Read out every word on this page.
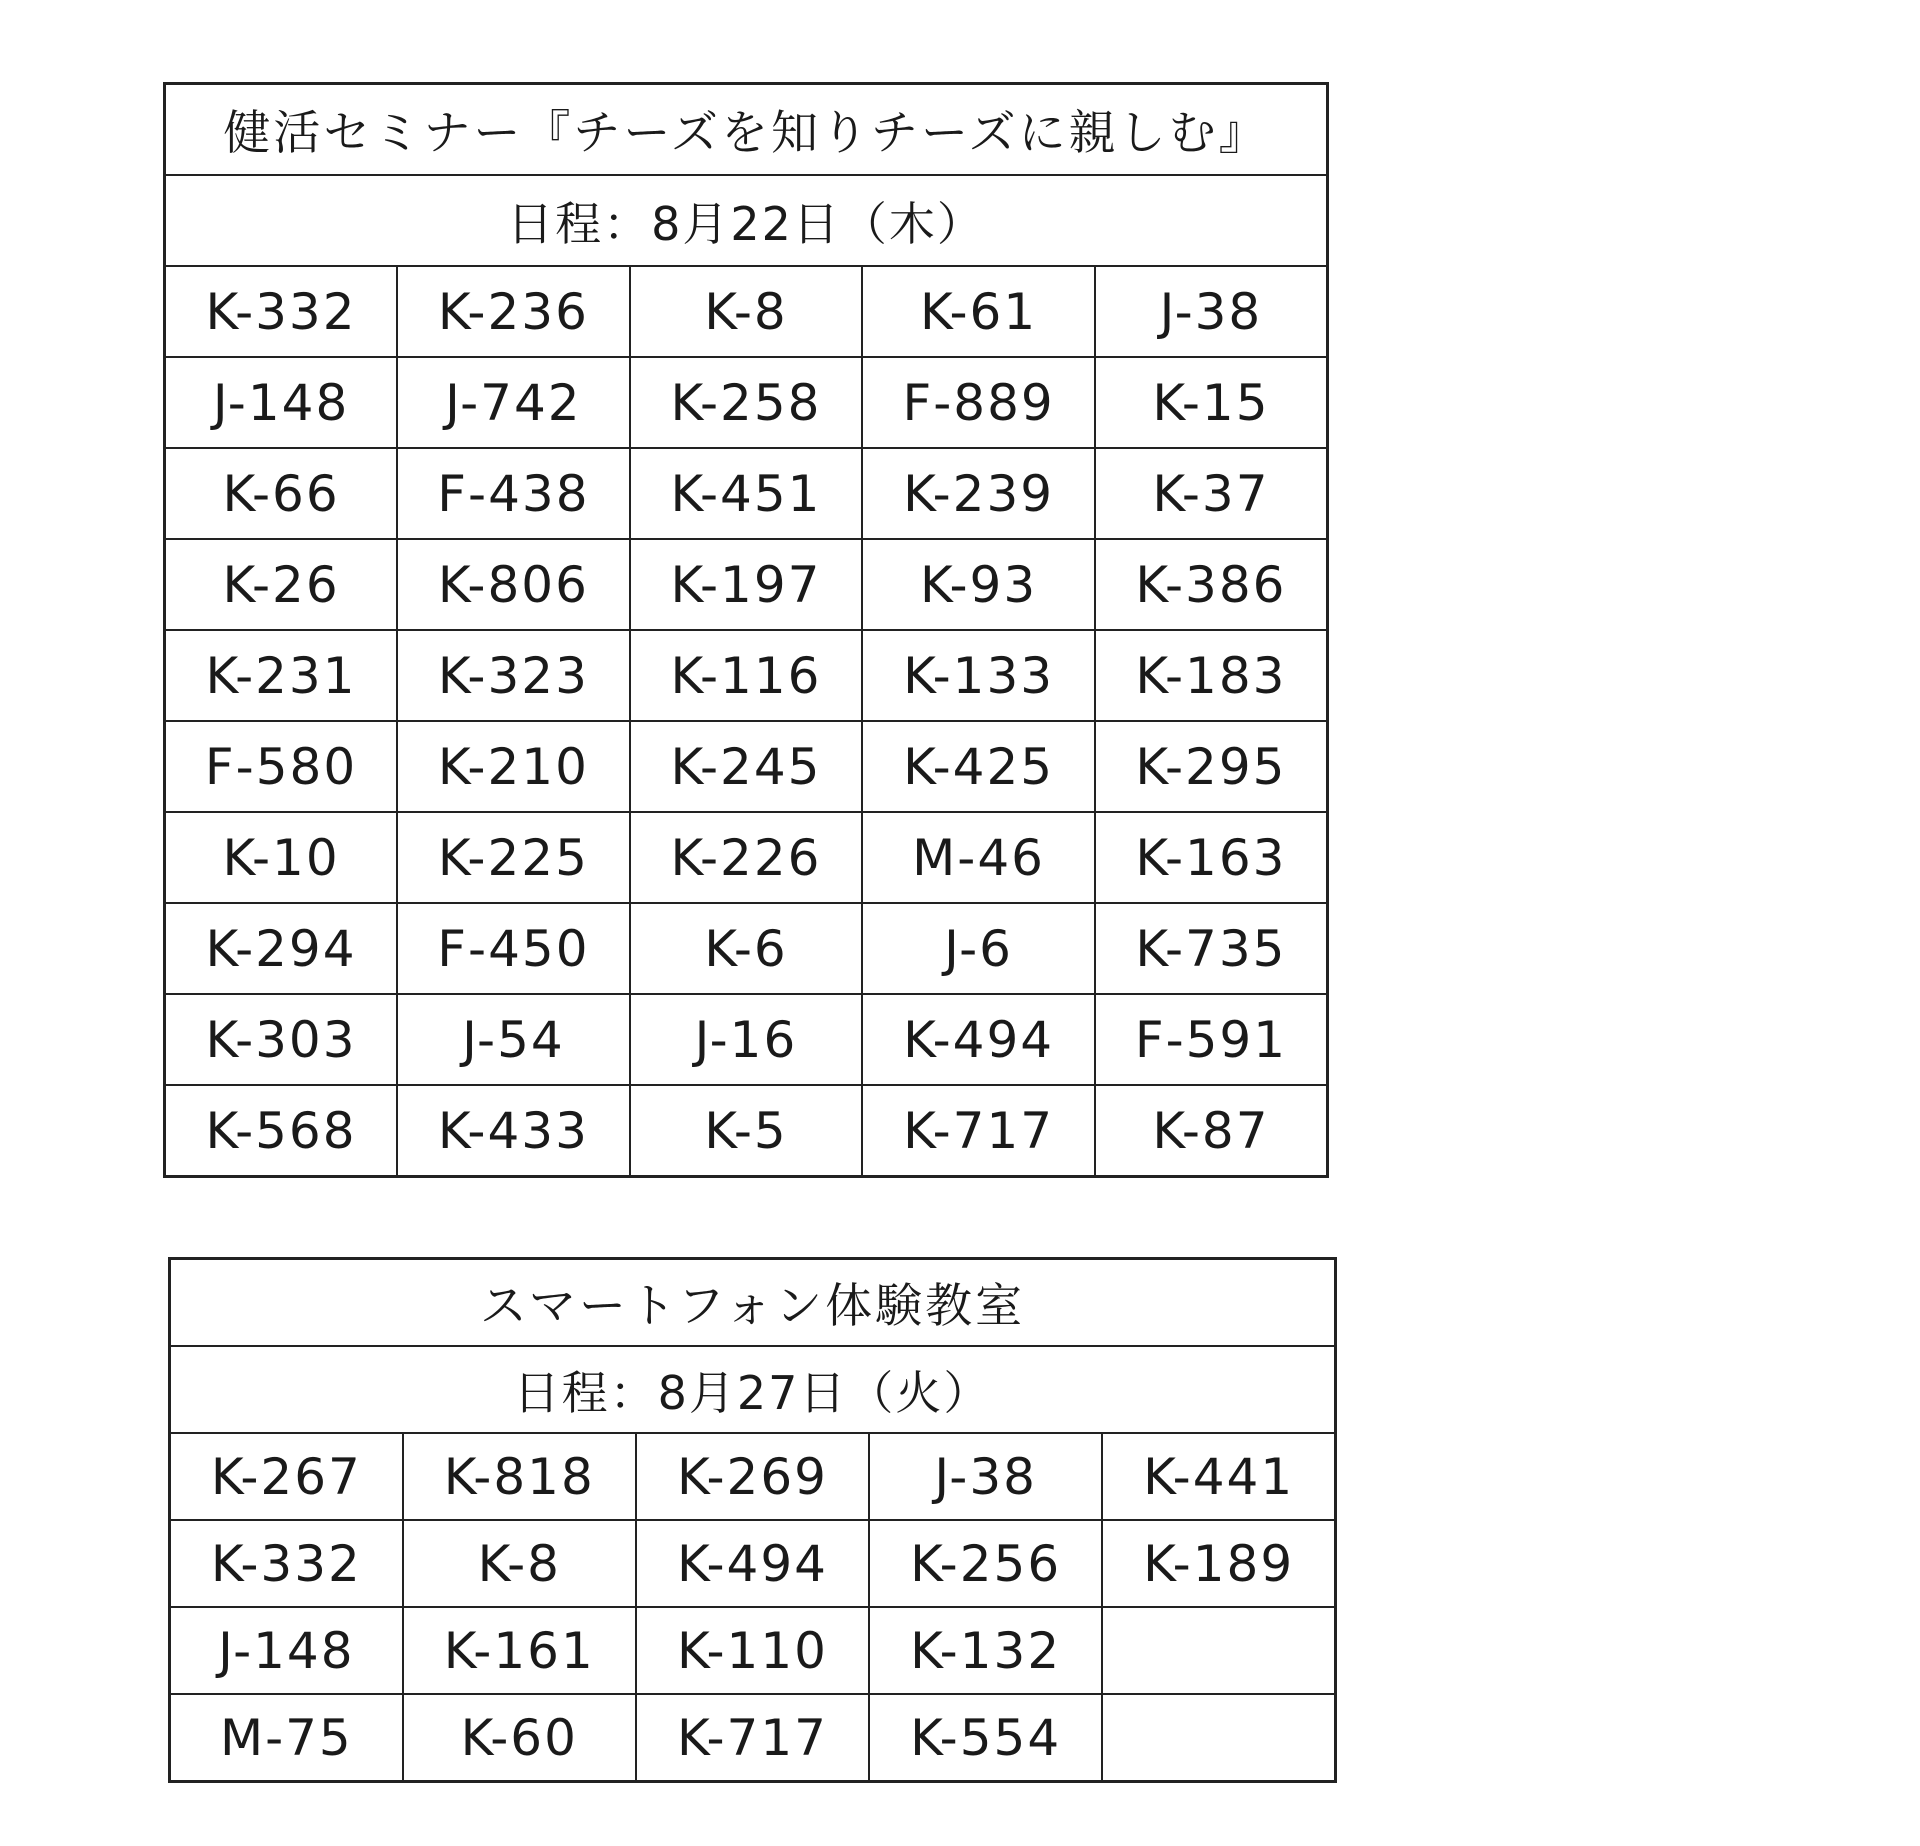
健活セミナー『チーズを知りチーズに親しむ』				
日程：8月22日（木）				
K-332	K-236	K-8	K-61	J-38
J-148	J-742	K-258	F-889	K-15
K-66	F-438	K-451	K-239	K-37
K-26	K-806	K-197	K-93	K-386
K-231	K-323	K-116	K-133	K-183
F-580	K-210	K-245	K-425	K-295
K-10	K-225	K-226	M-46	K-163
K-294	F-450	K-6	J-6	K-735
K-303	J-54	J-16	K-494	F-591
K-568	K-433	K-5	K-717	K-87
スマートフォン体験教室				
日程：8月27日（火）				
K-267	K-818	K-269	J-38	K-441
K-332	K-8	K-494	K-256	K-189
J-148	K-161	K-110	K-132	
M-75	K-60	K-717	K-554	
